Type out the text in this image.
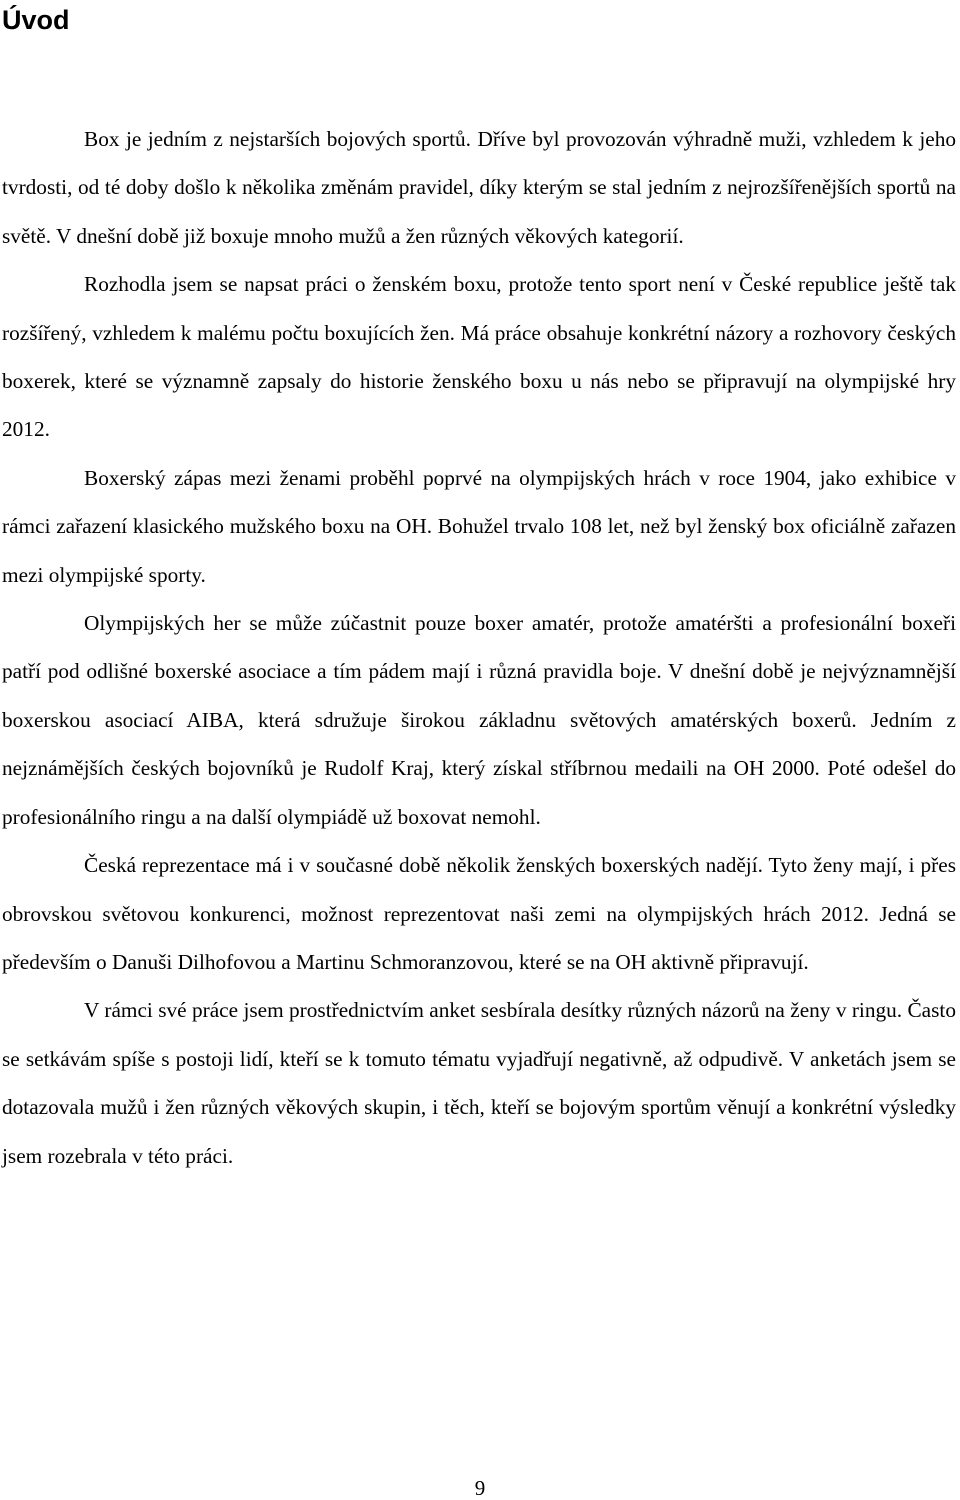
Úvod

Box je jedním z nejstarších bojových sportů. Dříve byl provozován výhradně muži, vzhledem k jeho tvrdosti, od té doby došlo k několika změnám pravidel, díky kterým se stal jedním z nejrozšířenějších sportů na světě. V dnešní době již boxuje mnoho mužů a žen různých věkových kategorií.

Rozhodla jsem se napsat práci o ženském boxu, protože tento sport není v České republice ještě tak rozšířený, vzhledem k malému počtu boxujících žen. Má práce obsahuje konkrétní názory a rozhovory českých boxerek, které se významně zapsaly do historie ženského boxu u nás nebo se připravují na olympijské hry 2012.

Boxerský zápas mezi ženami proběhl poprvé na olympijských hrách v roce 1904, jako exhibice v rámci zařazení klasického mužského boxu na OH. Bohužel trvalo 108 let, než byl ženský box oficiálně zařazen mezi olympijské sporty.

Olympijských her se může zúčastnit pouze boxer amatér, protože amatéršti a profesionální boxeři patří pod odlišné boxerské asociace a tím pádem mají i různá pravidla boje. V dnešní době je nejvýznamnější boxerskou asociací AIBA, která sdružuje širokou základnu světových amatérských boxerů. Jedním z nejznámějších českých bojovníků je Rudolf Kraj, který získal stříbrnou medaili na OH 2000. Poté odešel do profesionálního ringu a na další olympiádě už boxovat nemohl.

Česká reprezentace má i v současné době několik ženských boxerských nadějí. Tyto ženy mají, i přes obrovskou světovou konkurenci, možnost reprezentovat naši zemi na olympijských hrách 2012. Jedná se především o Danuši Dilhofovou a Martinu Schmoranzovou, které se na OH aktivně připravují.

V rámci své práce jsem prostřednictvím anket sesbírala desítky různých názorů na ženy v ringu. Často se setkávám spíše s postoji lidí, kteří se k tomuto tématu vyjadřují negativně, až odpudivě. V anketách jsem se dotazovala mužů i žen různých věkových skupin, i těch, kteří se bojovým sportům věnují a konkrétní výsledky jsem rozebrala v této práci.

9
